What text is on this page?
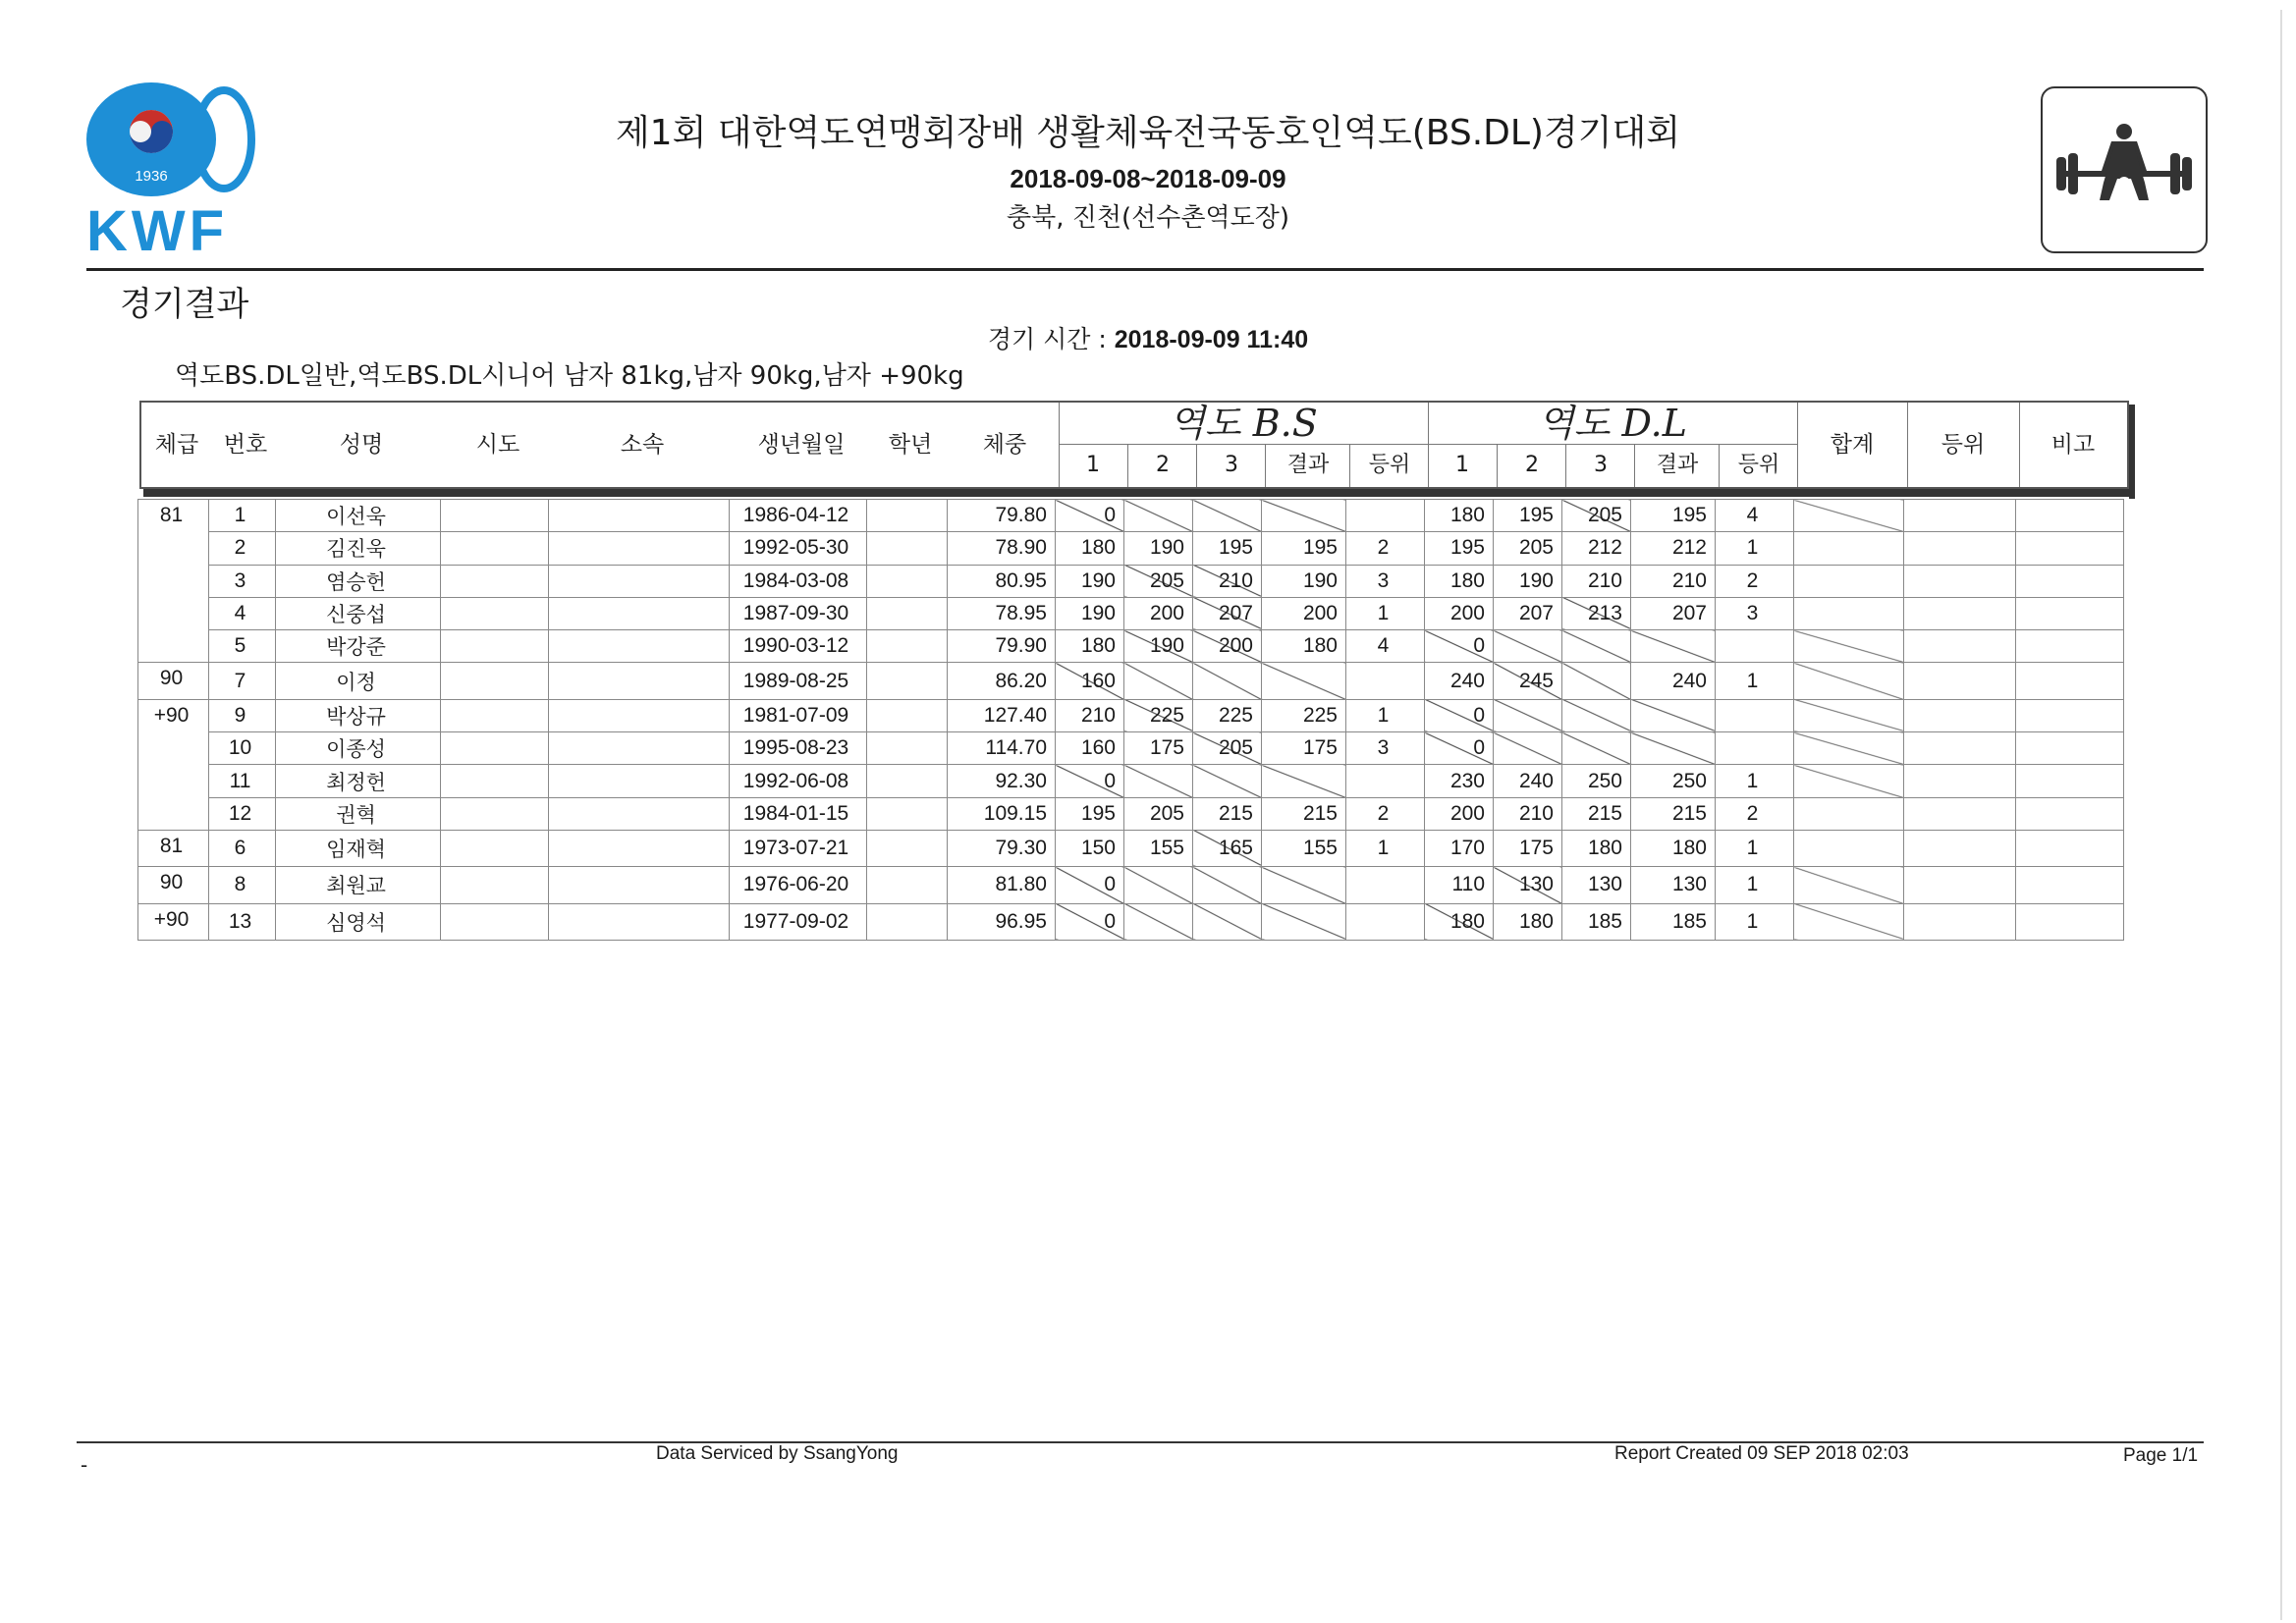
1936
KWF
제1회 대한역도연맹회장배 생활체육전국동호인역도(BS.DL)경기대회
2018-09-08~2018-09-09
충북, 진천(선수촌역도장)
경기결과
경기 시간 : 2018-09-09 11:40
역도BS.DL일반,역도BS.DL시니어 남자 81kg,남자 90kg,남자 +90kg
체급	번호	성명	시도	소속	생년월일	학년	체중	역도 B.S
1	2	3	결과	등위
역도 D.L
1	2	3	결과	등위
합계	등위	비고
81	1	이선욱			1986-04-12		79.80	0					180	195	205	195	4			
	2	김진욱			1992-05-30		78.90	180	190	195	195	2	195	205	212	212	1			
	3	염승헌			1984-03-08		80.95	190	205	210	190	3	180	190	210	210	2			
	4	신중섭			1987-09-30		78.95	190	200	207	200	1	200	207	213	207	3			
	5	박강준			1990-03-12		79.90	180	190	200	180	4	0							
90	7	이정			1989-08-25		86.20	160					240	245		240	1			
+90	9	박상규			1981-07-09		127.40	210	225	225	225	1	0							
	10	이종성			1995-08-23		114.70	160	175	205	175	3	0							
	11	최정헌			1992-06-08		92.30	0					230	240	250	250	1			
	12	권혁			1984-01-15		109.15	195	205	215	215	2	200	210	215	215	2			
81	6	임재혁			1973-07-21		79.30	150	155	165	155	1	170	175	180	180	1			
90	8	최원교			1976-06-20		81.80	0					110	130	130	130	1			
+90	13	심영석			1977-09-02		96.95	0					180	180	185	185	1			
-	Data Serviced by SsangYong	Report Created 09 SEP 2018 02:03	Page 1/1
